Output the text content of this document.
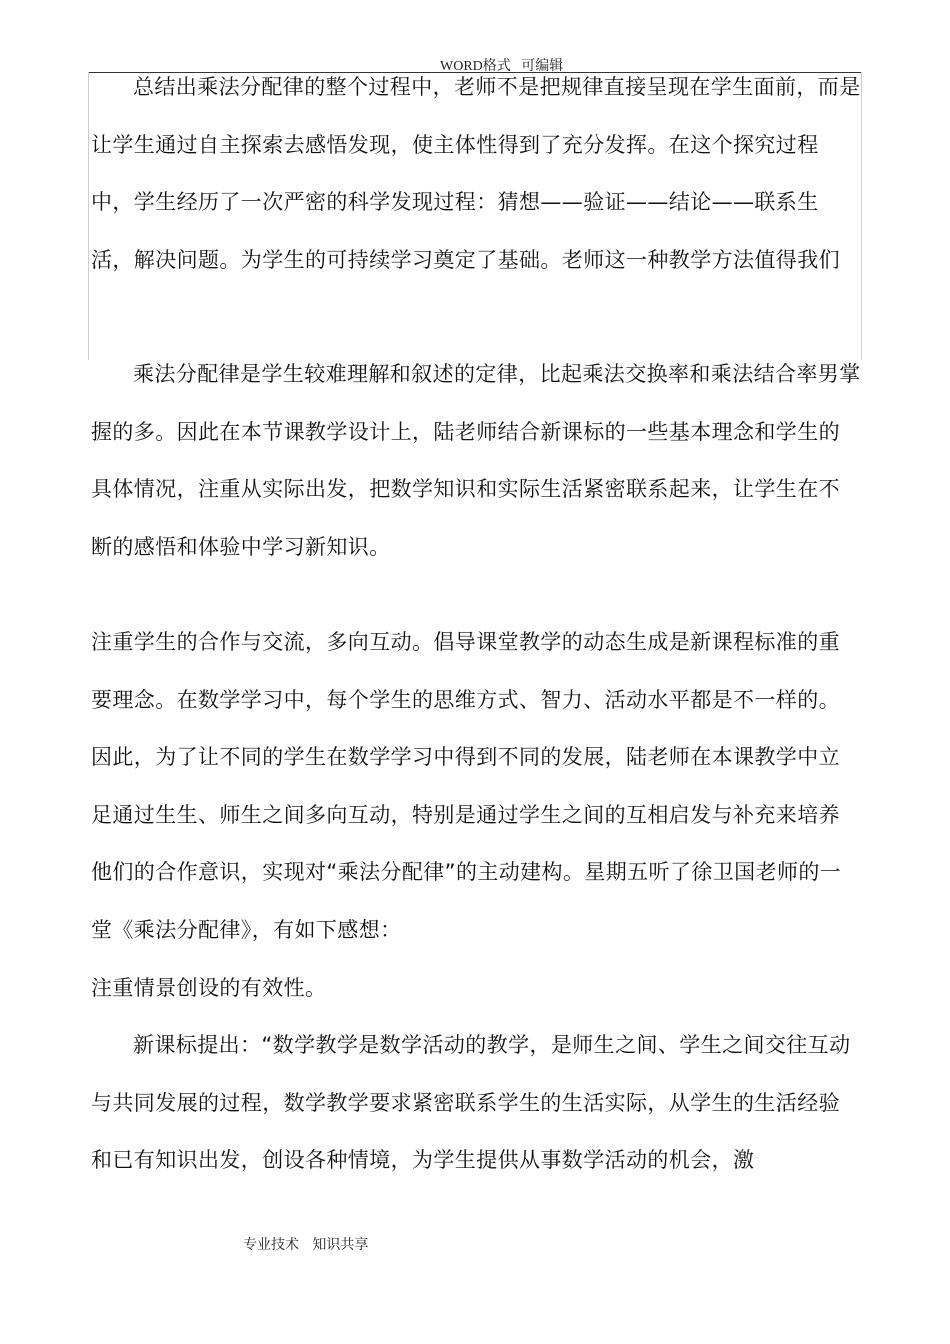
WORD格式   可编辑

总结出乘法分配律的整个过程中，老师不是把规律直接呈现在学生面前，而是让学生通过自主探索去感悟发现，使主体性得到了充分发挥。在这个探究过程中，学生经历了一次严密的科学发现过程：猜想——验证——结论——联系生活，解决问题。为学生的可持续学习奠定了基础。老师这一种教学方法值得我们

乘法分配律是学生较难理解和叙述的定律，比起乘法交换率和乘法结合率男掌握的多。因此在本节课教学设计上，陆老师结合新课标的一些基本理念和学生的具体情况，注重从实际出发，把数学知识和实际生活紧密联系起来，让学生在不断的感悟和体验中学习新知识。

注重学生的合作与交流，多向互动。倡导课堂教学的动态生成是新课程标准的重要理念。在数学学习中，每个学生的思维方式、智力、活动水平都是不一样的。因此，为了让不同的学生在数学学习中得到不同的发展，陆老师在本课教学中立足通过生生、师生之间多向互动，特别是通过学生之间的互相启发与补充来培养他们的合作意识，实现对“乘法分配律”的主动建构。星期五听了徐卫国老师的一堂《乘法分配律》，有如下感想：

注重情景创设的有效性。

新课标提出：“数学教学是数学活动的教学，是师生之间、学生之间交往互动与共同发展的过程，数学教学要求紧密联系学生的生活实际，从学生的生活经验和已有知识出发，创设各种情境，为学生提供从事数学活动的机会，激

专业技术   知识共享
